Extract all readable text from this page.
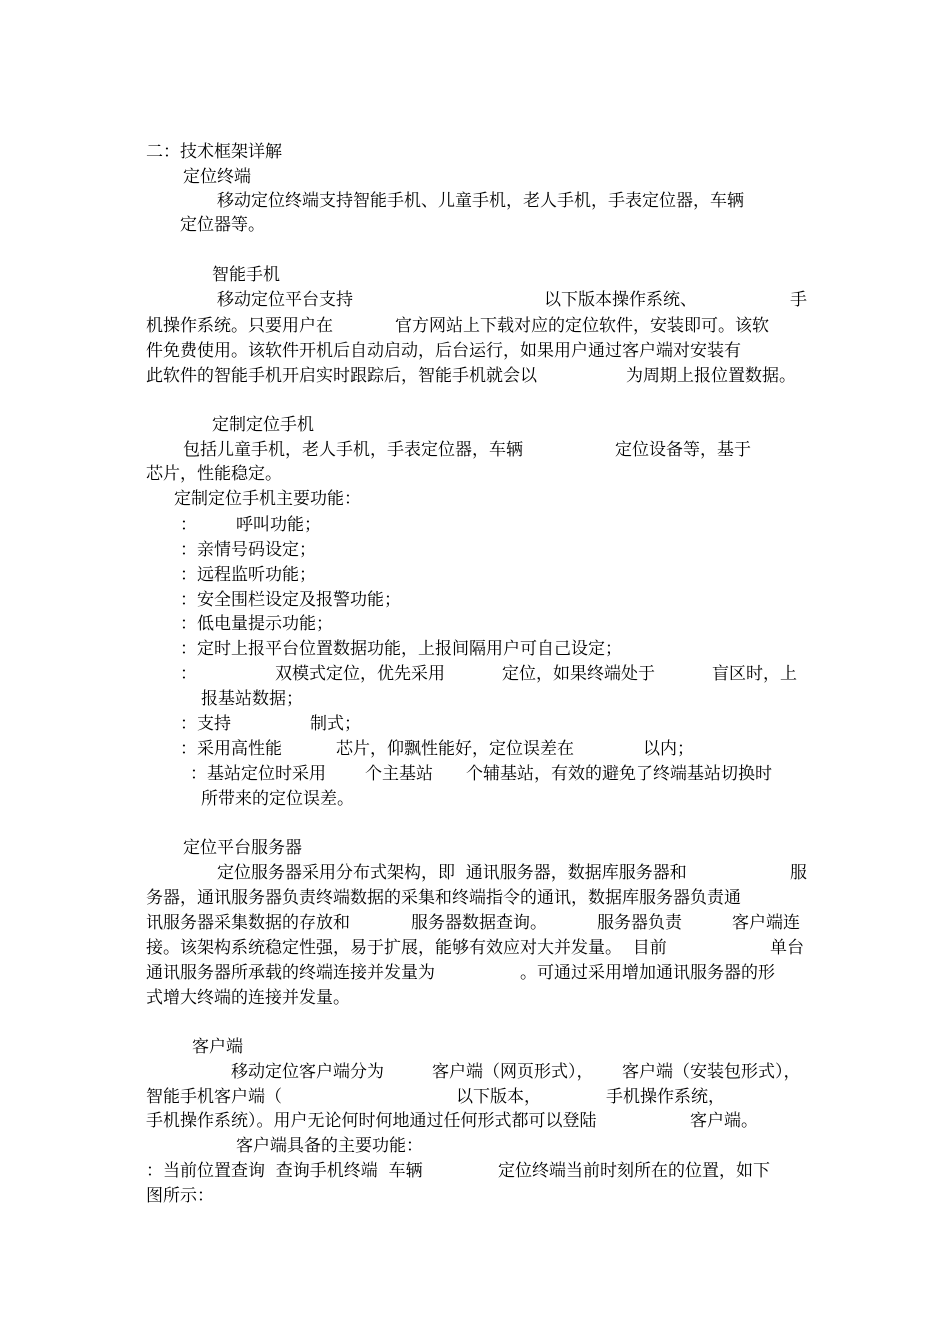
二：技术框架详解
定位终端
移动定位终端支持智能手机、儿童手机，老人手机，手表定位器，车辆
定位器等。
智能手机
移动定位平台支持	以下版本操作系统、	手
机操作系统。只要用户在	官方网站上下载对应的定位软件，安装即可。该软
件免费使用。该软件开机后自动启动，后台运行，如果用户通过客户端对安装有
此软件的智能手机开启实时跟踪后，智能手机就会以	为周期上报位置数据。
定制定位手机
包括儿童手机，老人手机，手表定位器，车辆	定位设备等，基于
芯片，性能稳定。
定制定位手机主要功能：
： 呼叫功能；
：亲情号码设定；
：远程监听功能；
：安全围栏设定及报警功能；
：低电量提示功能；
：定时上报平台位置数据功能，上报间隔用户可自己设定；
：	双模式定位，优先采用	定位，如果终端处于	盲区时，上
报基站数据；
：支持	制式；
：采用高性能	芯片，仰飘性能好，定位误差在	以内；
：基站定位时采用 个主基站 个辅基站，有效的避免了终端基站切换时
所带来的定位误差。
定位平台服务器
定位服务器采用分布式架构，即  通讯服务器，数据库服务器和	服
务器，通讯服务器负责终端数据的采集和终端指令的通讯，数据库服务器负责通
讯服务器采集数据的存放和	服务器数据查询。	服务器负责	客户端连
接。该架构系统稳定性强，易于扩展，能够有效应对大并发量。  目前	单台
通讯服务器所承载的终端连接并发量为	。可通过采用增加通讯服务器的形
式增大终端的连接并发量。
客户端
移动定位客户端分为	客户端（网页形式）， 客户端（安装包形式），
智能手机客户端（	以下版本，	手机操作系统，
手机操作系统）。用户无论何时何地通过任何形式都可以登陆	客户端。
客户端具备的主要功能：
：当前位置查询  查询手机终端  车辆	定位终端当前时刻所在的位置，如下
图所示：
